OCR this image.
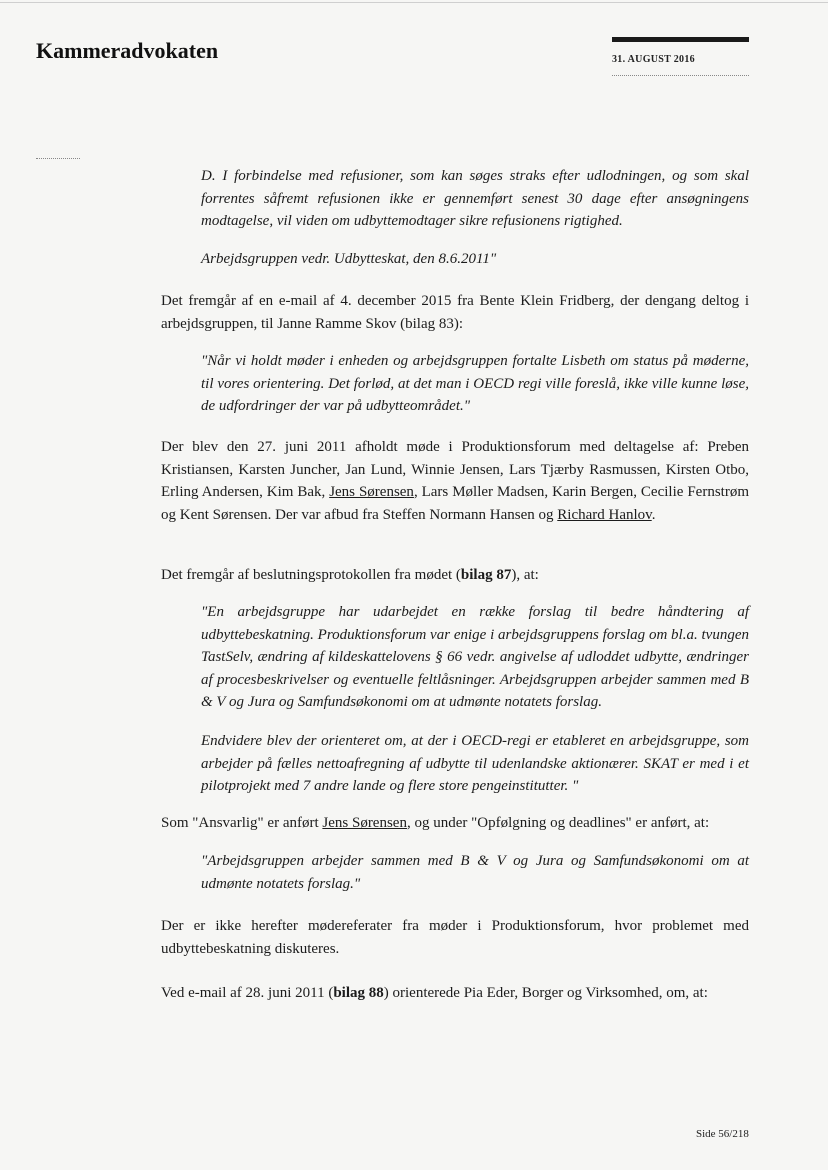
Kammeradvokaten	31. AUGUST 2016

D. I forbindelse med refusioner, som kan søges straks efter udlodningen, og som skal forrentes såfremt refusionen ikke er gennemført senest 30 dage efter ansøgningens modtagelse, vil viden om udbyttemodtager sikre refusionens rigtighed.

Arbejdsgruppen vedr. Udbytteskat, den 8.6.2011"

Det fremgår af en e-mail af 4. december 2015 fra Bente Klein Fridberg, der dengang deltog i arbejdsgruppen, til Janne Ramme Skov (bilag 83):

"Når vi holdt møder i enheden og arbejdsgruppen fortalte Lisbeth om status på møderne, til vores orientering. Det forlød, at det man i OECD regi ville foreslå, ikke ville kunne løse, de udfordringer der var på udbytteområdet."

Der blev den 27. juni 2011 afholdt møde i Produktionsforum med deltagelse af: Preben Kristiansen, Karsten Juncher, Jan Lund, Winnie Jensen, Lars Tjærby Rasmussen, Kirsten Otbo, Erling Andersen, Kim Bak, Jens Sørensen, Lars Møller Madsen, Karin Bergen, Cecilie Fernstrøm og Kent Sørensen. Der var afbud fra Steffen Normann Hansen og Richard Hanlov.

Det fremgår af beslutningsprotokollen fra mødet (bilag 87), at:

"En arbejdsgruppe har udarbejdet en række forslag til bedre håndtering af udbyttebeskatning. Produktionsforum var enige i arbejdsgruppens forslag om bl.a. tvungen TastSelv, ændring af kildeskattelovens § 66 vedr. angivelse af udloddet udbytte, ændringer af procesbeskrivelser og eventuelle feltlåsninger. Arbejdsgruppen arbejder sammen med B & V og Jura og Samfundsøkonomi om at udmønte notatets forslag.

Endvidere blev der orienteret om, at der i OECD-regi er etableret en arbejdsgruppe, som arbejder på fælles nettoafregning af udbytte til udenlandske aktionærer. SKAT er med i et pilotprojekt med 7 andre lande og flere store pengeinstitutter. "

Som "Ansvarlig" er anført Jens Sørensen, og under "Opfølgning og deadlines" er anført, at:

"Arbejdsgruppen arbejder sammen med B & V og Jura og Samfundsøkonomi om at udmønte notatets forslag."

Der er ikke herefter mødereferater fra møder i Produktionsforum, hvor problemet med udbyttebeskatning diskuteres.

Ved e-mail af 28. juni 2011 (bilag 88) orienterede Pia Eder, Borger og Virksomhed, om, at:

Side 56/218
